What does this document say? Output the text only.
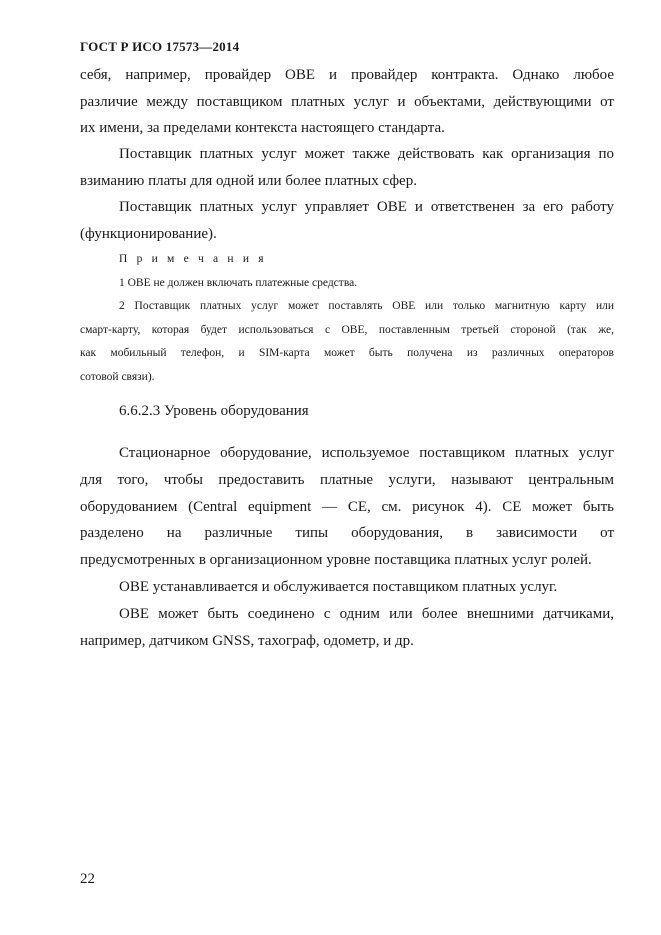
ГОСТ Р ИСО 17573—2014

себя, например, провайдер OBE и провайдер контракта. Однако любое

различие между поставщиком платных услуг и объектами, действующими от

их имени, за пределами контекста настоящего стандарта.

Поставщик платных услуг может также действовать как организация по

взиманию платы для одной или более платных сфер.

Поставщик платных услуг управляет OBE и ответственен за его работу

(функционирование).

П р и м е ч а н и я

1 OBE не должен включать платежные средства.

2 Поставщик платных услуг может поставлять OBE или только магнитную карту или

смарт-карту, которая будет использоваться с OBE, поставленным третьей стороной (так же,

как мобильный телефон, и SIM-карта может быть получена из различных операторов

сотовой связи).

6.6.2.3 Уровень оборудования

Стационарное оборудование, используемое поставщиком платных услуг

для того, чтобы предоставить платные услуги, называют центральным

оборудованием (Central equipment — CE, см. рисунок 4). CE может быть

разделено на различные типы оборудования, в зависимости от

предусмотренных в организационном уровне поставщика платных услуг ролей.

OBE устанавливается и обслуживается поставщиком платных услуг.

OBE может быть соединено с одним или более внешними датчиками,

например, датчиком GNSS, тахограф, одометр, и др.

22
